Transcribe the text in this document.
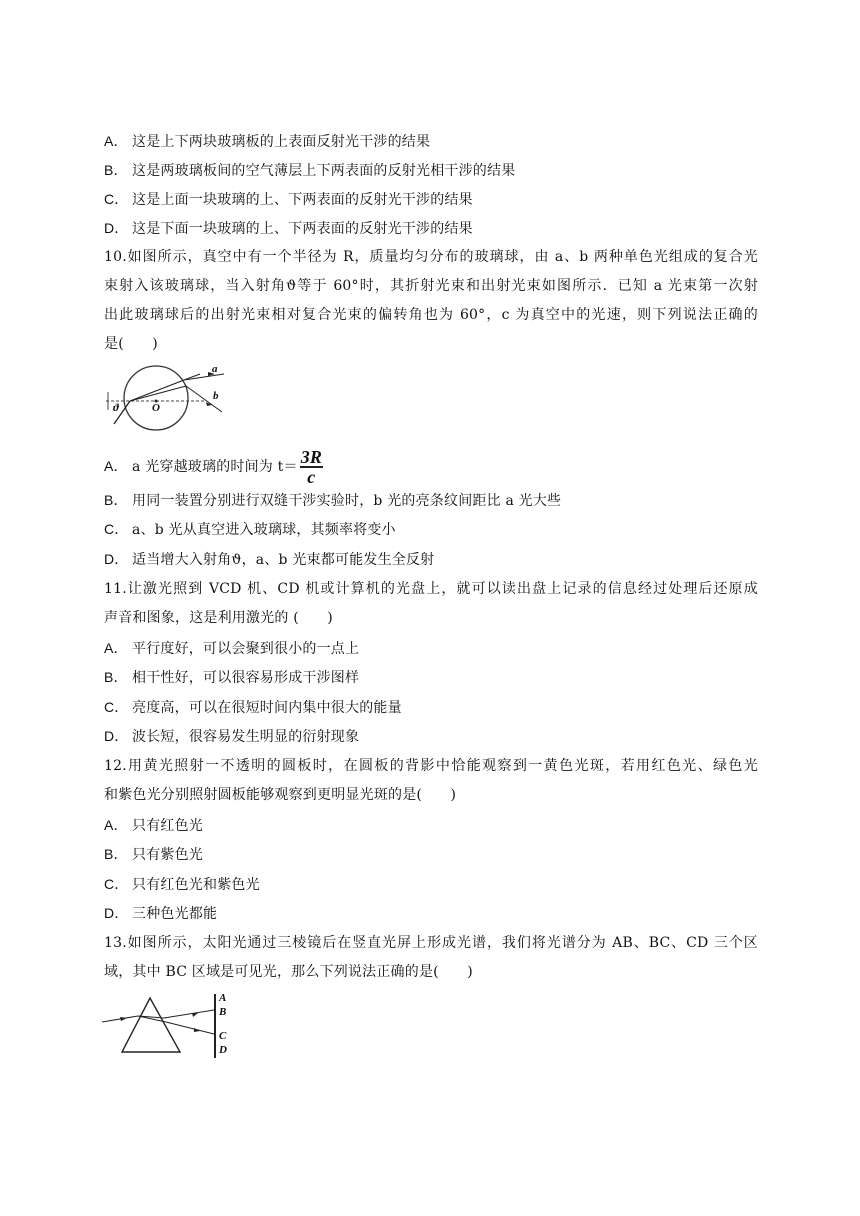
A． 这是上下两块玻璃板的上表面反射光干涉的结果
B． 这是两玻璃板间的空气薄层上下两表面的反射光相干涉的结果
C． 这是上面一块玻璃的上、下两表面的反射光干涉的结果
D． 这是下面一块玻璃的上、下两表面的反射光干涉的结果
10.如图所示，真空中有一个半径为 R，质量均匀分布的玻璃球，由 a、b 两种单色光组成的复合光
束射入该玻璃球，当入射角ϑ等于 60°时，其折射光束和出射光束如图所示．已知 a 光束第一次射
出此玻璃球后的出射光束相对复合光束的偏转角也为 60°，c 为真空中的光速，则下列说法正确的
是(　　)
a
b
ϑ	O
A． a 光穿越玻璃的时间为 $t= \frac{3R}{c}$
B． 用同一装置分别进行双缝干涉实验时，b 光的亮条纹间距比 a 光大些
C． a、b 光从真空进入玻璃球，其频率将变小
D． 适当增大入射角ϑ，a、b 光束都可能发生全反射
11.让激光照到 VCD 机、CD 机或计算机的光盘上，就可以读出盘上记录的信息经过处理后还原成
声音和图象，这是利用激光的 (　　)
A． 平行度好，可以会聚到很小的一点上
B． 相干性好，可以很容易形成干涉图样
C． 亮度高，可以在很短时间内集中很大的能量
D． 波长短，很容易发生明显的衍射现象
12.用黄光照射一不透明的圆板时，在圆板的背影中恰能观察到一黄色光斑，若用红色光、绿色光
和紫色光分别照射圆板能够观察到更明显光斑的是(　　)
A． 只有红色光
B． 只有紫色光
C． 只有红色光和紫色光
D． 三种色光都能
13.如图所示，太阳光通过三棱镜后在竖直光屏上形成光谱，我们将光谱分为 AB、BC、CD 三个区
域，其中 BC 区域是可见光，那么下列说法正确的是(　　)
A
B
C
D
